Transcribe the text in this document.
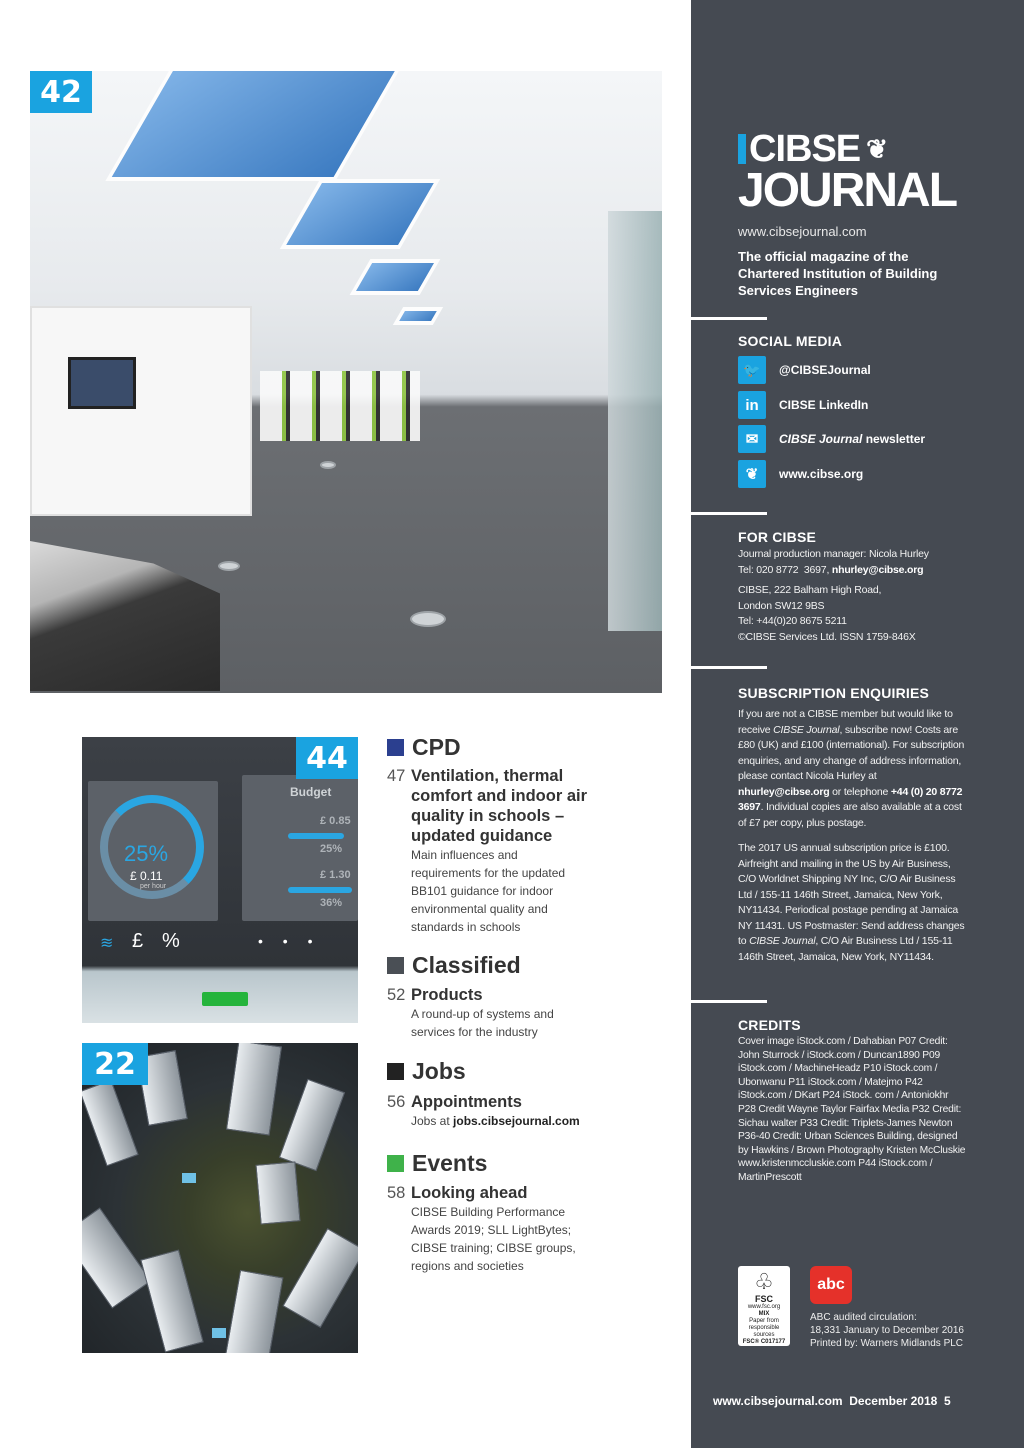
42
25%
£ 0.11
per hour
Budget
£ 0.85
25%
£ 1.30
36%
≋ £ %	• • •
44
22
CPD
47 Ventilation, thermal comfort and indoor air quality in schools – updated guidance
Main influences and requirements for the updated BB101 guidance for indoor environmental quality and standards in schools
Classified
52 Products
A round-up of systems and services for the industry
Jobs
56 Appointments
Jobs at jobs.cibsejournal.com
Events
58 Looking ahead
CIBSE Building Performance Awards 2019; SLL LightBytes; CIBSE training; CIBSE groups, regions and societies
CIBSE ❦
JOURNAL
www.cibsejournal.com
The official magazine of the Chartered Institution of Building Services Engineers
SOCIAL MEDIA
🐦	@CIBSEJournal
in	CIBSE LinkedIn
✉	CIBSE Journal newsletter
❦	www.cibse.org
FOR CIBSE
Journal production manager: Nicola Hurley
Tel: 020 8772  3697, nhurley@cibse.org
CIBSE, 222 Balham High Road,
London SW12 9BS
Tel: +44(0)20 8675 5211
©CIBSE Services Ltd. ISSN 1759-846X
SUBSCRIPTION ENQUIRIES
If you are not a CIBSE member but would like to receive CIBSE Journal, subscribe now! Costs are £80 (UK) and £100 (international). For subscription enquiries, and any change of address information, please contact Nicola Hurley at nhurley@cibse.org or telephone +44 (0) 20 8772 3697. Individual copies are also available at a cost of £7 per copy, plus postage.
The 2017 US annual subscription price is £100. Airfreight and mailing in the US by Air Business, C/O Worldnet Shipping NY Inc, C/O Air Business Ltd / 155-11 146th Street, Jamaica, New York, NY11434. Periodical postage pending at Jamaica NY 11431. US Postmaster: Send address changes to CIBSE Journal, C/O Air Business Ltd / 155-11 146th Street, Jamaica, New York, NY11434.
CREDITS
Cover image iStock.com / Dahabian P07 Credit: John Sturrock / iStock.com / Duncan1890 P09 iStock.com / MachineHeadz P10 iStock.com / Ubonwanu P11 iStock.com / Matejmo P42 iStock.com / DKart P24 iStock. com / Antoniokhr P28 Credit Wayne Taylor Fairfax Media P32 Credit: Sichau walter P33 Credit: Triplets-James Newton P36-40 Credit: Urban Sciences Building, designed by Hawkins / Brown Photography Kristen McCluskie www.kristenmccluskie.com P44 iStock.com / MartinPrescott
♧
FSC
www.fsc.org
MIX
Paper from responsible sources
FSC® C017177
abc
ABC audited circulation:
18,331 January to December 2016
Printed by: Warners Midlands PLC
www.cibsejournal.com  December 2018  5
